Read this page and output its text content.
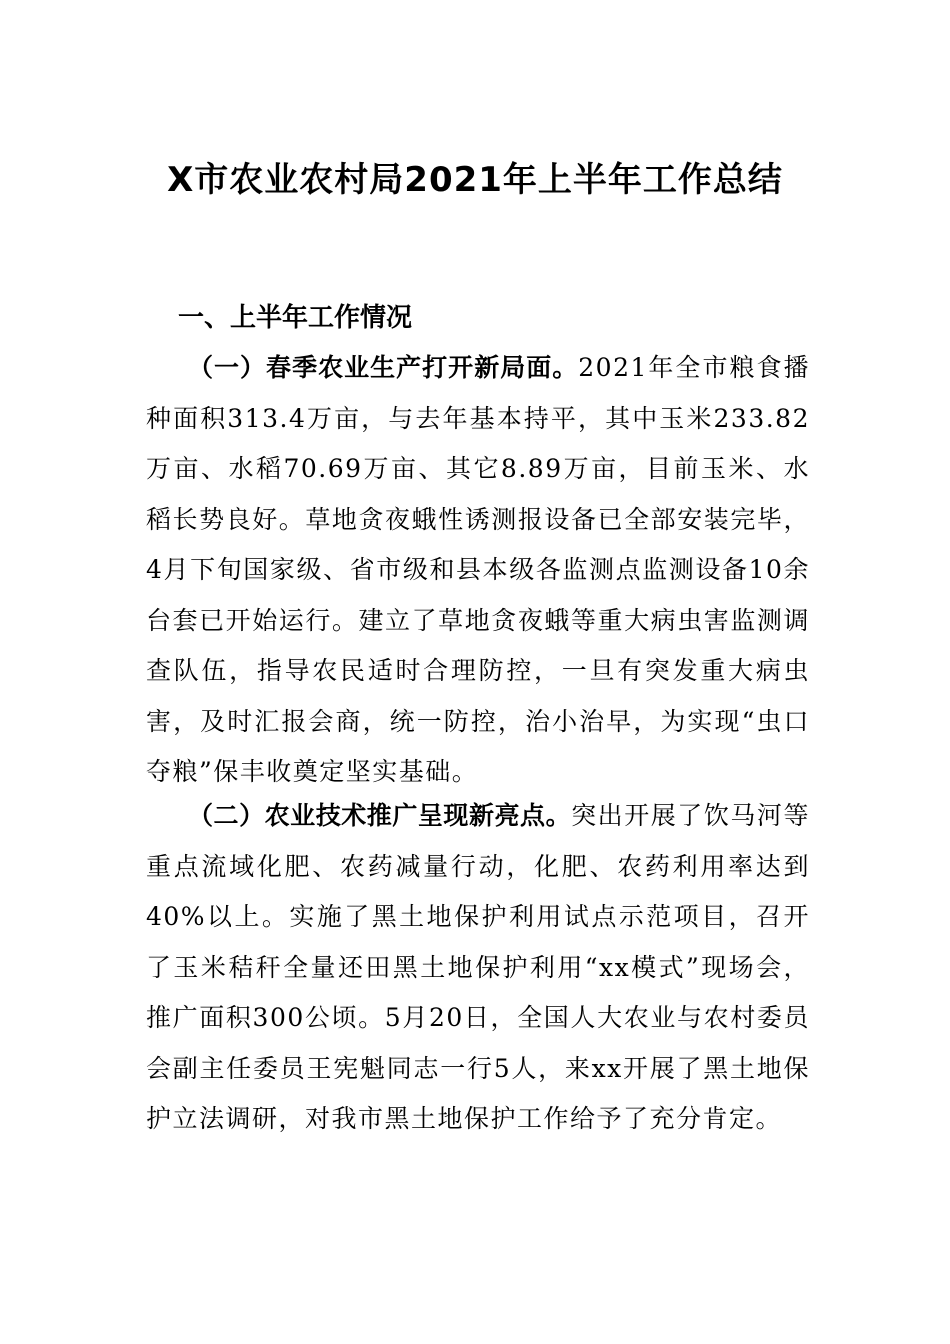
X市农业农村局2021年上半年工作总结
一、上半年工作情况

（一）春季农业生产打开新局面。2021年全市粮食播种面积313.4万亩，与去年基本持平，其中玉米233.82万亩、水稻70.69万亩、其它8.89万亩，目前玉米、水稻长势良好。草地贪夜蛾性诱测报设备已全部安装完毕，4月下旬国家级、省市级和县本级各监测点监测设备10余台套已开始运行。建立了草地贪夜蛾等重大病虫害监测调查队伍，指导农民适时合理防控，一旦有突发重大病虫害，及时汇报会商，统一防控，治小治早，为实现“虫口夺粮”保丰收奠定坚实基础。

（二）农业技术推广呈现新亮点。突出开展了饮马河等重点流域化肥、农药减量行动，化肥、农药利用率达到40%以上。实施了黑土地保护利用试点示范项目，召开了玉米秸秆全量还田黑土地保护利用“xx模式”现场会，推广面积300公顷。5月20日，全国人大农业与农村委员会副主任委员王宪魁同志一行5人，来xx开展了黑土地保护立法调研，对我市黑土地保护工作给予了充分肯定。
